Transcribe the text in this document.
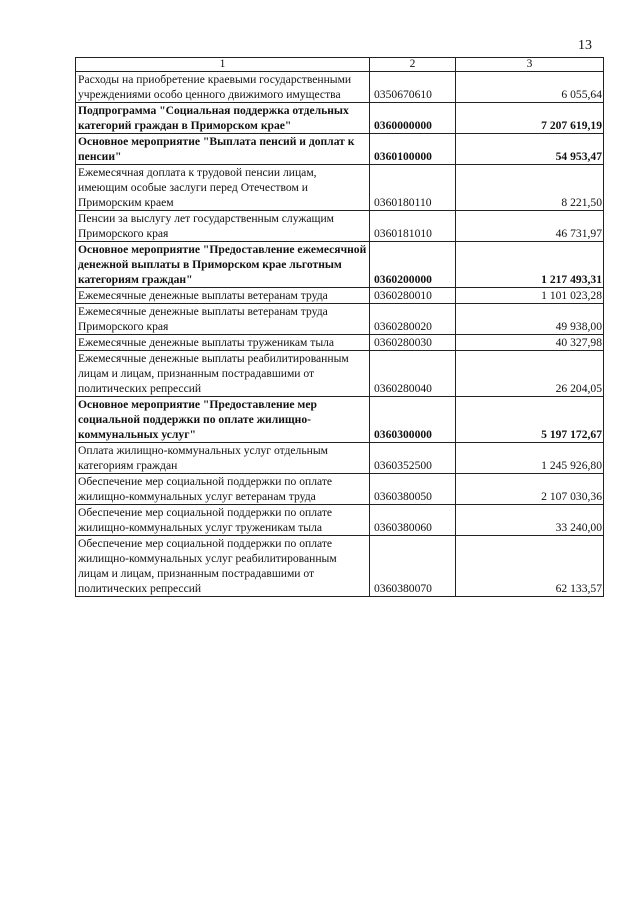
13
1	2	3
Расходы на приобретение краевыми государственными учреждениями особо ценного движимого имущества	0350670610	6 055,64
Подпрограмма "Социальная поддержка отдельных категорий граждан в Приморском крае"	0360000000	7 207 619,19
Основное мероприятие "Выплата пенсий и доплат к пенсии"	0360100000	54 953,47
Ежемесячная доплата к трудовой пенсии лицам, имеющим особые заслуги перед Отечеством и Приморским краем	0360180110	8 221,50
Пенсии за выслугу лет государственным служащим Приморского края	0360181010	46 731,97
Основное мероприятие "Предоставление ежемесячной денежной выплаты в Приморском крае льготным категориям граждан"	0360200000	1 217 493,31
Ежемесячные денежные выплаты ветеранам труда	0360280010	1 101 023,28
Ежемесячные денежные выплаты ветеранам труда Приморского края	0360280020	49 938,00
Ежемесячные денежные выплаты труженикам тыла	0360280030	40 327,98
Ежемесячные денежные выплаты реабилитированным лицам и лицам, признанным пострадавшими от политических репрессий	0360280040	26 204,05
Основное мероприятие "Предоставление мер социальной поддержки по оплате жилищно-коммунальных услуг"	0360300000	5 197 172,67
Оплата жилищно-коммунальных услуг отдельным категориям граждан	0360352500	1 245 926,80
Обеспечение мер социальной поддержки по оплате жилищно-коммунальных услуг ветеранам труда	0360380050	2 107 030,36
Обеспечение мер социальной поддержки по оплате жилищно-коммунальных услуг труженикам тыла	0360380060	33 240,00
Обеспечение мер социальной поддержки по оплате жилищно-коммунальных услуг реабилитированным лицам и лицам, признанным пострадавшими от политических репрессий	0360380070	62 133,57
